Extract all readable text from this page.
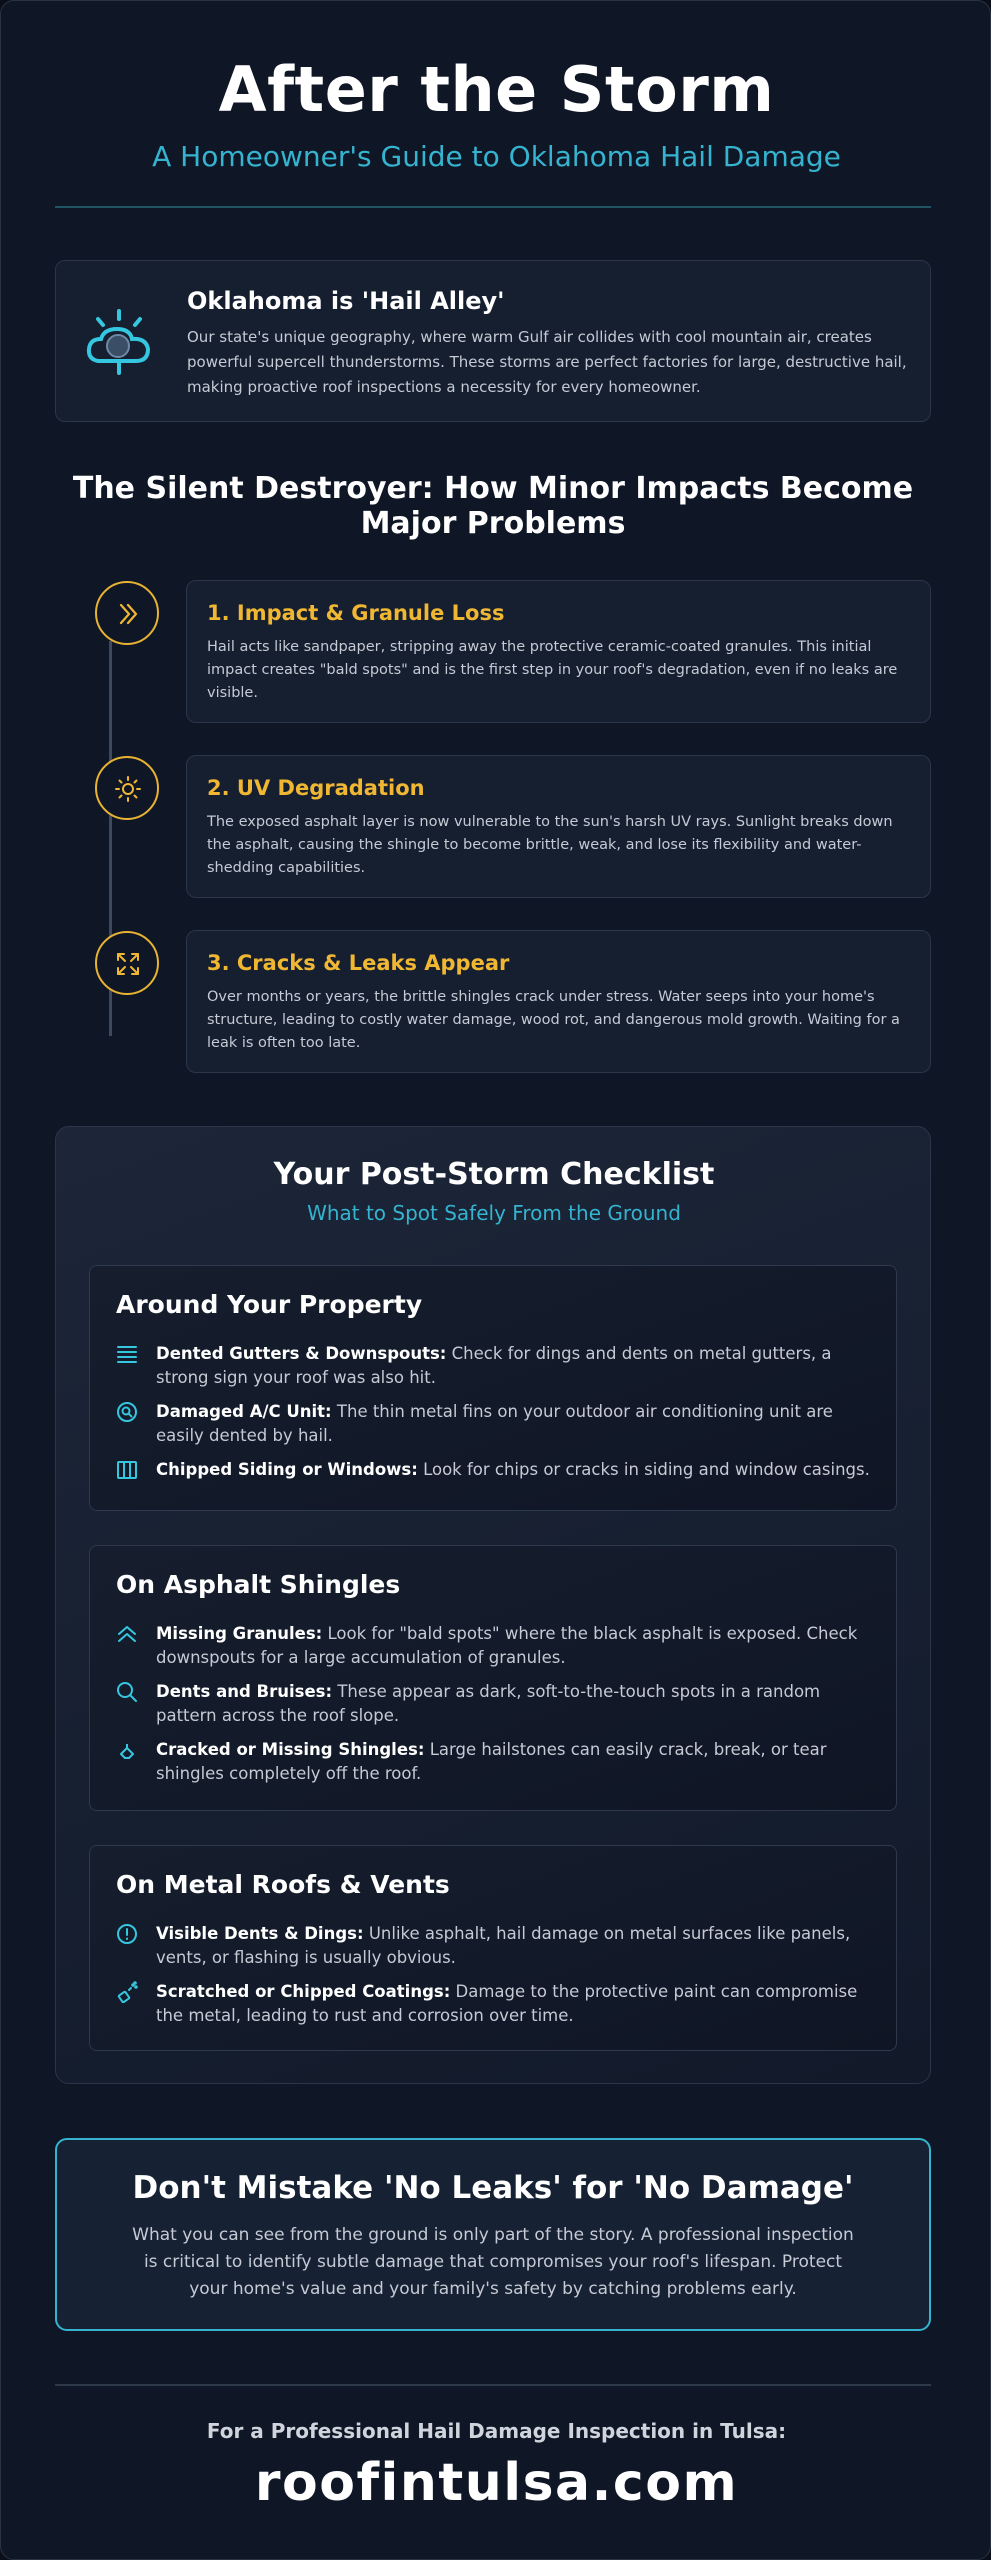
After the Storm
A Homeowner's Guide to Oklahoma Hail Damage
Oklahoma is 'Hail Alley'
Our state's unique geography, where warm Gulf air collides with cool mountain air, creates powerful supercell thunderstorms. These storms are perfect factories for large, destructive hail, making proactive roof inspections a necessity for every homeowner.
The Silent Destroyer: How Minor Impacts Become Major Problems
1. Impact & Granule Loss
Hail acts like sandpaper, stripping away the protective ceramic-coated granules. This initial impact creates "bald spots" and is the first step in your roof's degradation, even if no leaks are visible.
2. UV Degradation
The exposed asphalt layer is now vulnerable to the sun's harsh UV rays. Sunlight breaks down the asphalt, causing the shingle to become brittle, weak, and lose its flexibility and water-shedding capabilities.
3. Cracks & Leaks Appear
Over months or years, the brittle shingles crack under stress. Water seeps into your home's structure, leading to costly water damage, wood rot, and dangerous mold growth. Waiting for a leak is often too late.
Your Post-Storm Checklist
What to Spot Safely From the Ground
Around Your Property
Dented Gutters & Downspouts: Check for dings and dents on metal gutters, a strong sign your roof was also hit.
Damaged A/C Unit: The thin metal fins on your outdoor air conditioning unit are easily dented by hail.
Chipped Siding or Windows: Look for chips or cracks in siding and window casings.
On Asphalt Shingles
Missing Granules: Look for "bald spots" where the black asphalt is exposed. Check downspouts for a large accumulation of granules.
Dents and Bruises: These appear as dark, soft-to-the-touch spots in a random pattern across the roof slope.
Cracked or Missing Shingles: Large hailstones can easily crack, break, or tear shingles completely off the roof.
On Metal Roofs & Vents
Visible Dents & Dings: Unlike asphalt, hail damage on metal surfaces like panels, vents, or flashing is usually obvious.
Scratched or Chipped Coatings: Damage to the protective paint can compromise the metal, leading to rust and corrosion over time.
Don't Mistake 'No Leaks' for 'No Damage'
What you can see from the ground is only part of the story. A professional inspection is critical to identify subtle damage that compromises your roof's lifespan. Protect your home's value and your family's safety by catching problems early.
For a Professional Hail Damage Inspection in Tulsa:
roofintulsa.com
